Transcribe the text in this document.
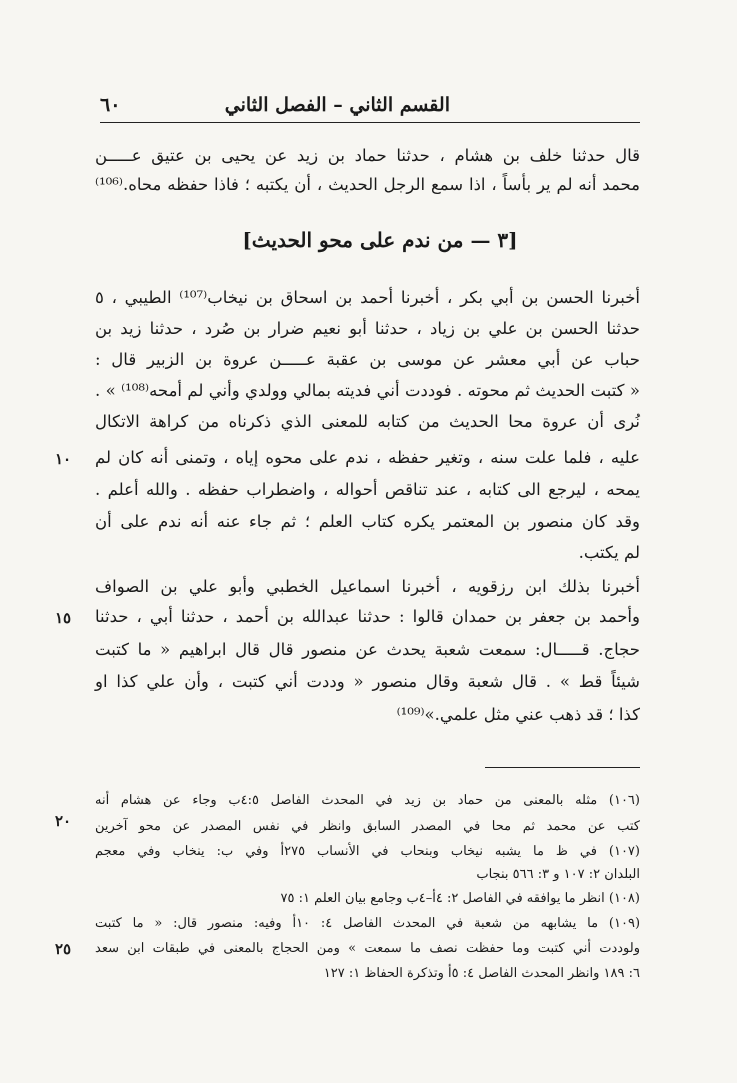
٦٠	القسم الثاني – الفصل الثاني
قال حدثنا خلف بن هشام ، حدثنا حماد بن زيد عن يحيى بن عتيق عـــــن
محمد أنه لم ير بأساً ، اذا سمع الرجل الحديث ، أن يكتبه ؛ فاذا حفظه محاه.⁽¹⁰⁶⁾
[٣ — من ندم على محو الحديث]
أخبرنا الحسن بن أبي بكر ، أخبرنا أحمد بن اسحاق بن نيخاب⁽¹⁰⁷⁾ الطيبي ، ٥
حدثنا الحسن بن علي بن زياد ، حدثنا أبو نعيم ضرار بن صُرد ، حدثنا زيد بن
حباب عن أبي معشر عن موسى بن عقبة عـــــن عروة بن الزبير قال :
« كتبت الحديث ثم محوته . فوددت أني فديته بمالي وولدي وأني لم أمحه⁽¹⁰⁸⁾ » .
نُرى أن عروة محا الحديث من كتابه للمعنى الذي ذكرناه من كراهة الاتكال
عليه ، فلما علت سنه ، وتغير حفظه ، ندم على محوه إياه ، وتمنى أنه كان لم
يمحه ، ليرجع الى كتابه ، عند تناقص أحواله ، واضطراب حفظه . والله أعلم .
وقد كان منصور بن المعتمر يكره كتاب العلم ؛ ثم جاء عنه أنه ندم على أن
لم يكتب.
أخبرنا بذلك ابن رزقويه ، أخبرنا اسماعيل الخطبي وأبو علي بن الصواف
وأحمد بن جعفر بن حمدان قالوا : حدثنا عبدالله بن أحمد ، حدثنا أبي ، حدثنا
حجاج. قـــــال: سمعت شعبة يحدث عن منصور قال قال ابراهيم « ما كتبت
شيئاً قط » . قال شعبة وقال منصور « وددت أني كتبت ، وأن علي كذا او
كذا ؛ قد ذهب عني مثل علمي.»⁽¹⁰⁹⁾
١٠
١٥
(١٠٦) مثله بالمعنى من حماد بن زيد في المحدث الفاصل ٤:٥ب وجاء عن هشام أنه
كتب عن محمد ثم محا في المصدر السابق وانظر في نفس المصدر عن محو آخرين
(١٠٧) في ظ ما يشبه نيخاب وبنحاب في الأنساب ٢٧٥أ وفي ب: ينخاب وفي معجم
البلدان ٢: ١٠٧ و ٣: ٥٦٦ بنجاب
(١٠٨) انظر ما يوافقه في الفاصل ٢: ٤أ–٤ب وجامع بيان العلم ١: ٧٥
(١٠٩) ما يشابهه من شعبة في المحدث الفاصل ٤: ١٠أ وفيه: منصور قال: « ما كتبت
ولوددت أني كتبت وما حفظت نصف ما سمعت » ومن الحجاج بالمعنى في طبقات ابن سعد
٦: ١٨٩ وانظر المحدث الفاصل ٤: ٥أ وتذكرة الحفاظ ١: ١٢٧
٢٠
٢٥
